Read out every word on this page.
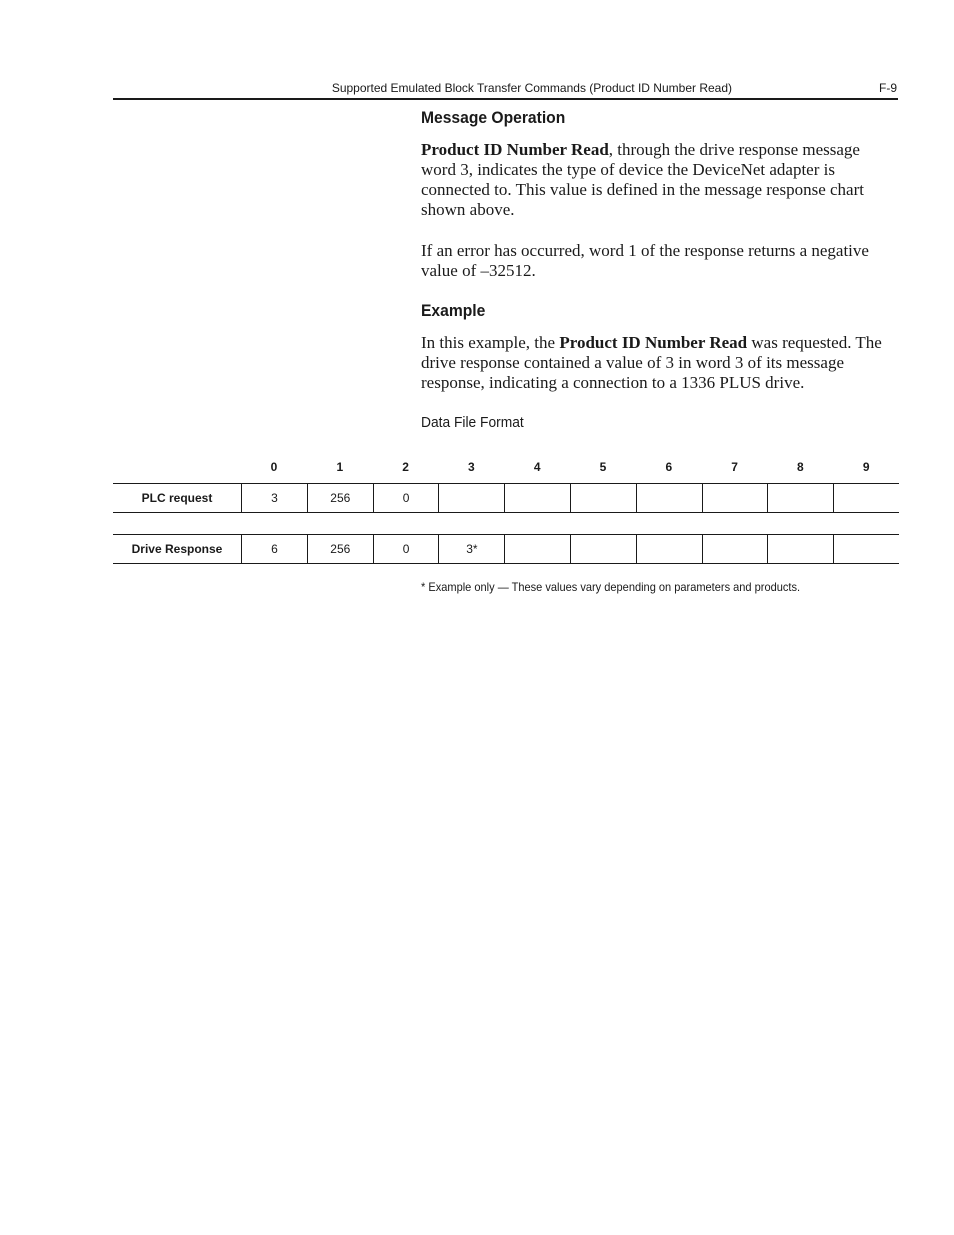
Supported Emulated Block Transfer Commands (Product ID Number Read)	F-9
Message Operation

Product ID Number Read, through the drive response message word 3, indicates the type of device the DeviceNet adapter is connected to. This value is defined in the message response chart shown above.

If an error has occurred, word 1 of the response returns a negative value of –32512.

Example

In this example, the Product ID Number Read was requested. The drive response contained a value of 3 in word 3 of its message response, indicating a connection to a 1336 PLUS drive.

Data File Format
0	1	2	3	4	5	6	7	8	9
PLC request	3	256	0
Drive Response	6	256	0	3*
* Example only — These values vary depending on parameters and products.
